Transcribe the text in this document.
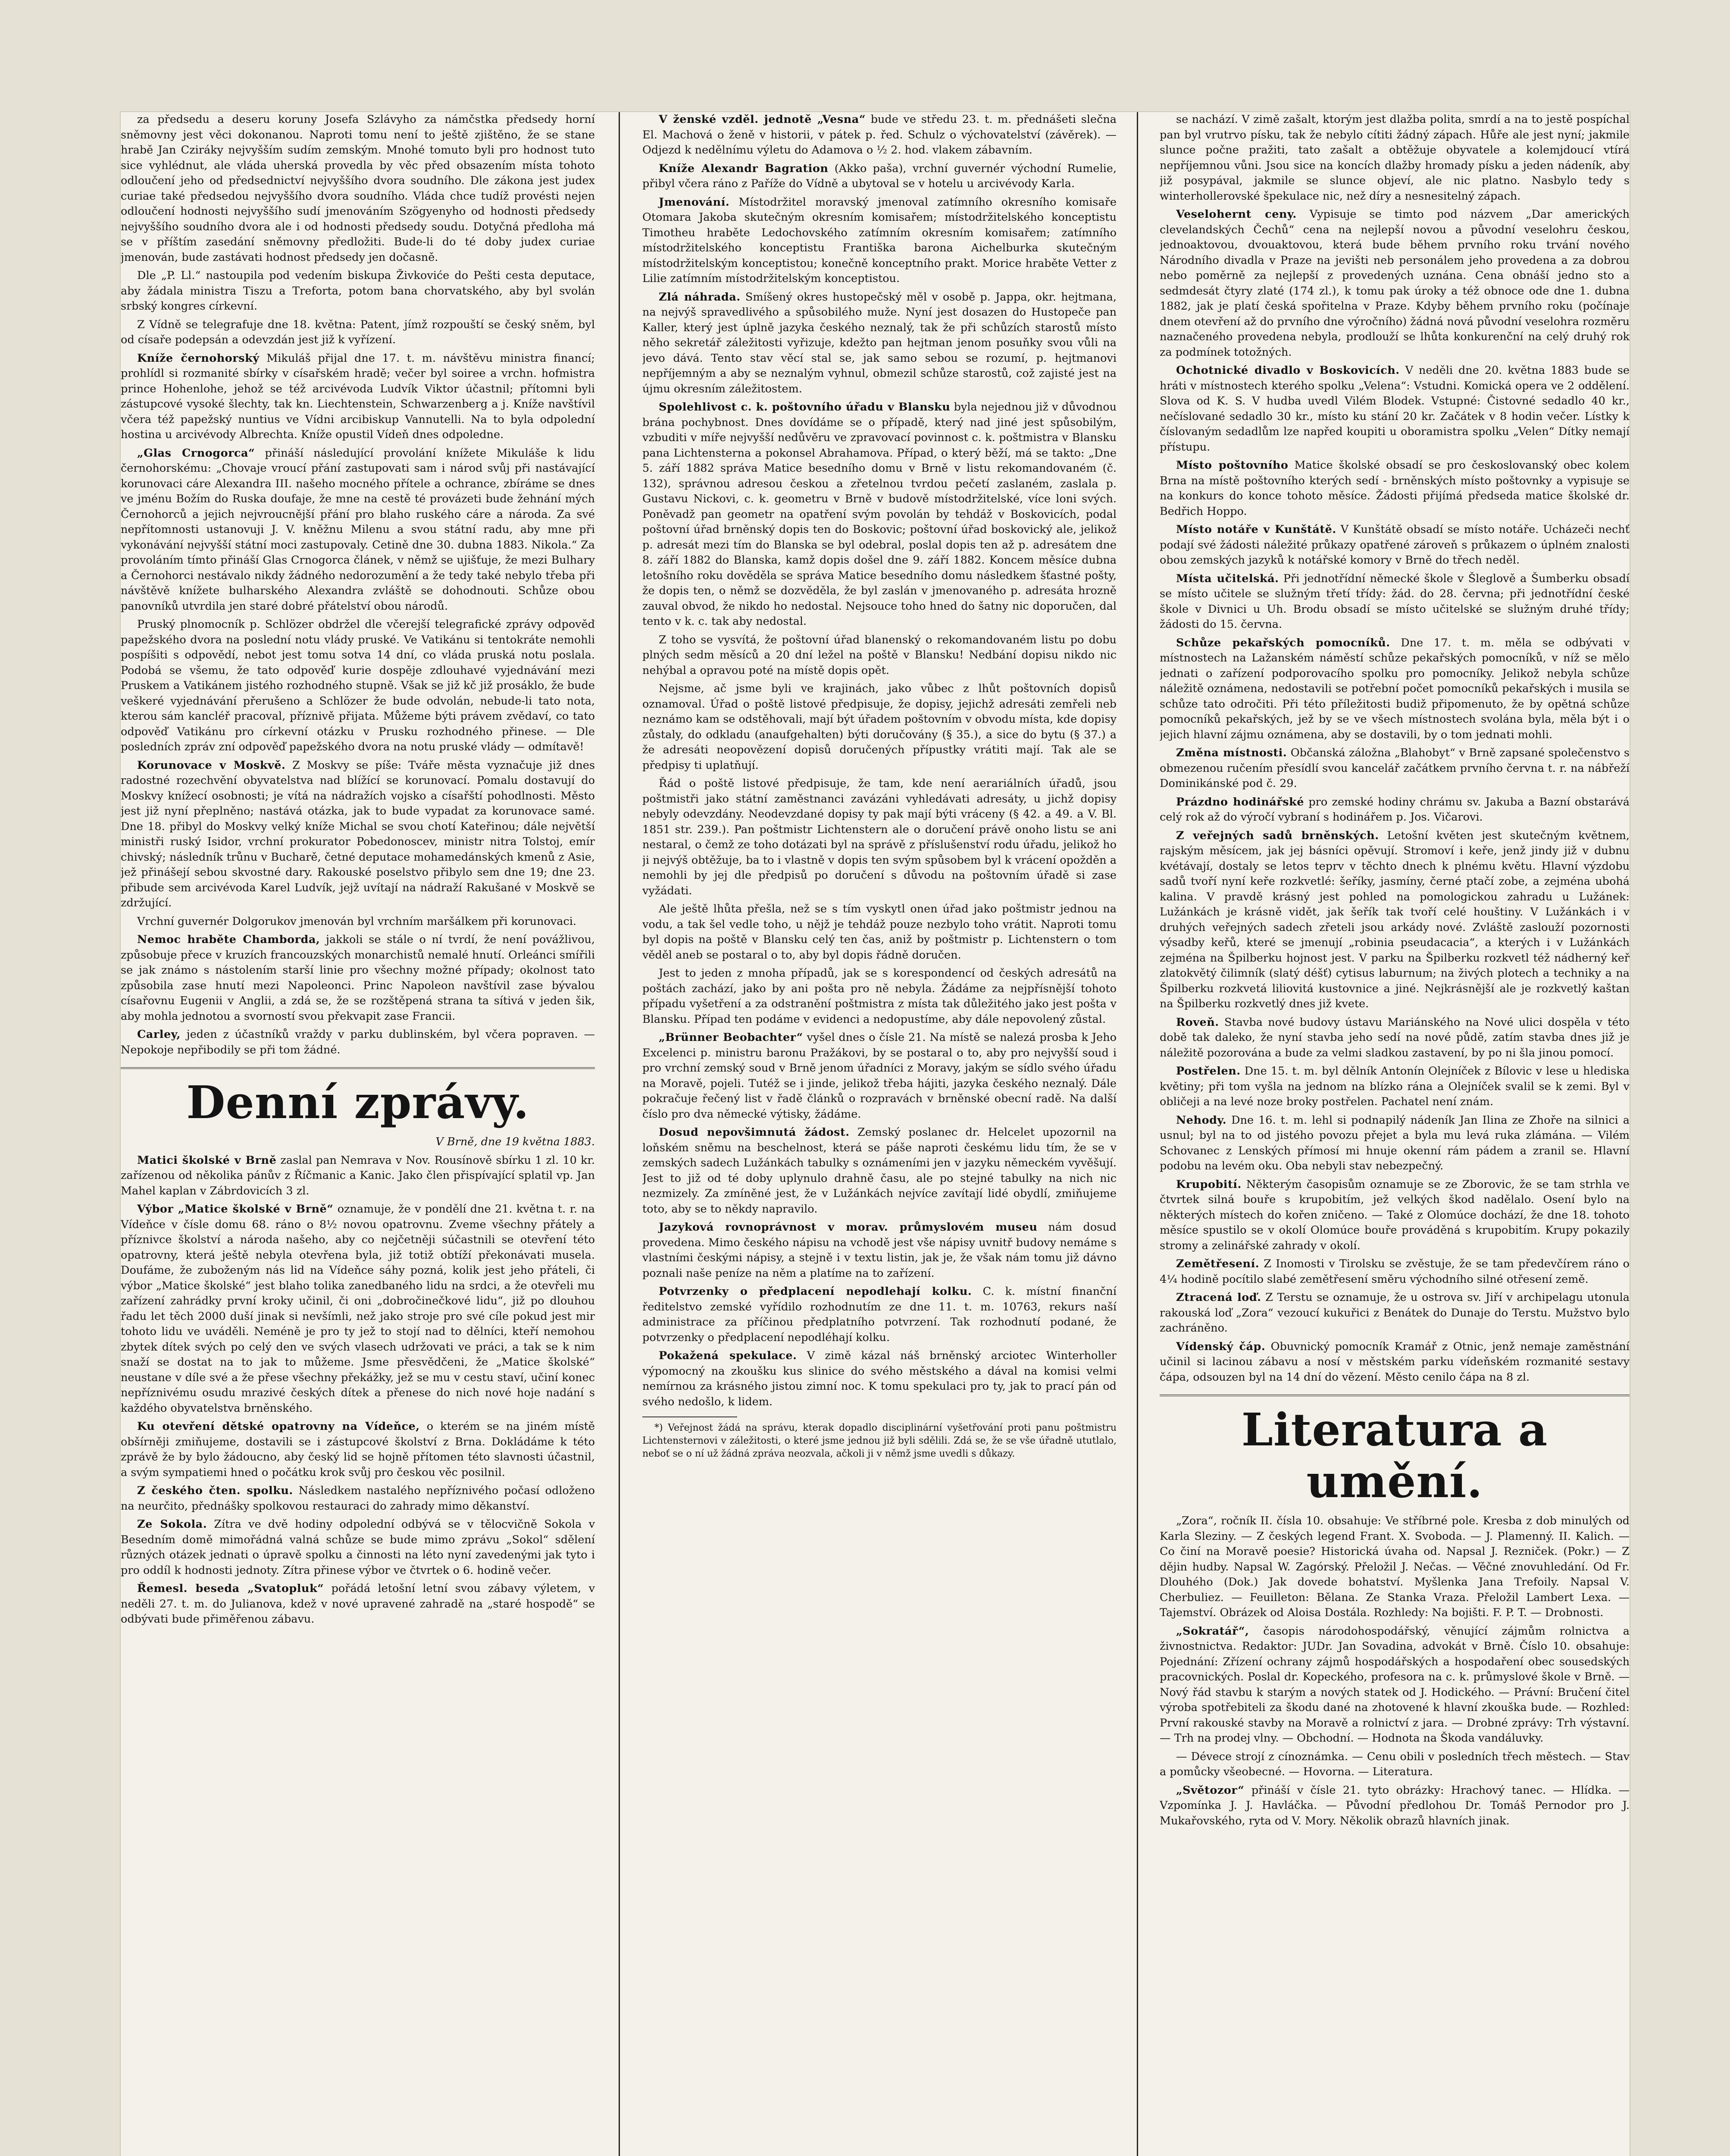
za předsedu a deseru koruny Josefa Szlávyho za námčstka předsedy horní sněmovny jest věci dokonanou. Naproti tomu není to ještě zjištěno, že se stane hrabě Jan Cziráky nejvyšším sudím zemským. Mnohé tomuto byli pro hodnost tuto sice vyhlédnut, ale vláda uherská provedla by věc před obsazením místa tohoto odloučení jeho od předsednictví nejvyššího dvora soudního. Dle zákona jest judex curiae také předsedou nejvyššího dvora soudního. Vláda chce tudíž provésti nejen odloučení hodnosti nejvyššího sudí jmenováním Szögyenyho od hodnosti předsedy nejvyššího soudního dvora ale i od hodnosti předsedy soudu. Dotyčná předloha má se v příštím zasedání sněmovny předložiti. Bude-li do té doby judex curiae jmenován, bude zastávati hodnost předsedy jen dočasně.

Dle „P. Ll.“ nastoupila pod vedením biskupa Živkoviće do Pešti cesta deputace, aby žádala ministra Tiszu a Treforta, potom bana chorvatského, aby byl svolán srbský kongres církevní.

Z Vídně se telegrafuje dne 18. května: Patent, jímž rozpouští se český sněm, byl od císaře podepsán a odevzdán jest již k vyřízení.

Kníže černohorský Mikuláš přijal dne 17. t. m. návštěvu ministra financí; prohlídl si rozmanité sbírky v císařském hradě; večer byl soiree a vrchn. hofmistra prince Hohenlohe, jehož se též arcivévoda Ludvík Viktor účastnil; přítomni byli zástupcové vysoké šlechty, tak kn. Liechtenstein, Schwarzenberg a j. Kníže navštívil včera též papežský nuntius ve Vídni arcibiskup Vannutelli. Na to byla odpolední hostina u arcivévody Albrechta. Kníže opustil Vídeň dnes odpoledne.

„Glas Crnogorca“ přináší následující provolání knížete Mikuláše k lidu černohorskému: „Chovaje vroucí přání zastupovati sam i národ svůj při nastávající korunovaci cáre Alexandra III. našeho mocného přítele a ochrance, zbíráme se dnes ve jménu Božím do Ruska doufaje, že mne na cestě té provázeti bude žehnání mých Černohorců a jejich nejvroucnější přání pro blaho ruského cáre a národa. Za své nepřítomnosti ustanovuji J. V. kněžnu Milenu a svou státní radu, aby mne při vykonávání nejvyšší státní moci zastupovaly. Cetině dne 30. dubna 1883. Nikola.“ Za provoláním tímto přináší Glas Crnogorca článek, v němž se ujišťuje, že mezi Bulhary a Černohorci nestávalo nikdy žádného nedorozumění a že tedy také nebylo třeba při návštěvě knížete bulharského Alexandra zvláště se dohodnouti. Schůze obou panovníků utvrdila jen staré dobré přátelství obou národů.

Pruský plnomocník p. Schlözer obdržel dle včerejší telegrafické zprávy odpověď papežského dvora na poslední notu vlády pruské. Ve Vatikánu si tentokráte nemohli pospíšiti s odpovědí, nebot jest tomu sotva 14 dní, co vláda pruská notu poslala. Podobá se všemu, že tato odpověď kurie dospěje zdlouhavé vyjednávání mezi Pruskem a Vatikánem jistého rozhodného stupně. Však se již kč již prosáklo, že bude veškeré vyjednávání přerušeno a Schlözer že bude odvolán, nebude-li tato nota, kterou sám kancléř pracoval, příznivě přijata. Můžeme býti právem zvědaví, co tato odpověď Vatikánu pro církevní otázku v Prusku rozhodného přinese. — Dle posledních zpráv zní odpověď papežského dvora na notu pruské vlády — odmítavě!

Korunovace v Moskvě. Z Moskvy se píše: Tváře města vyznačuje již dnes radostné rozechvění obyvatelstva nad blížící se korunovací. Pomalu dostavují do Moskvy knížecí osobnosti; je vítá na nádražích vojsko a císařští pohodlnosti. Město jest již nyní přeplněno; nastává otázka, jak to bude vypadat za korunovace samé. Dne 18. přibyl do Moskvy velký kníže Michal se svou chotí Kateřinou; dále největší ministři ruský Isidor, vrchní prokurator Pobedonoscev, ministr nitra Tolstoj, emír chivský; následník trůnu v Bucharě, četné deputace mohamedánských kmenů z Asie, jež přinášejí sebou skvostné dary. Rakouské poselstvo přibylo sem dne 19; dne 23. přibude sem arcivévoda Karel Ludvík, jejž uvítají na nádraží Rakušané v Moskvě se zdržující.

Vrchní guvernér Dolgorukov jmenován byl vrchním maršálkem při korunovaci.

Nemoc hraběte Chamborda, jakkoli se stále o ní tvrdí, že není povážlivou, způsobuje přece v kruzích francouzských monarchistů nemalé hnutí. Orleánci smířili se jak známo s nástolením starší linie pro všechny možné případy; okolnost tato způsobila zase hnutí mezi Napoleonci. Princ Napoleon navštívil zase bývalou císařovnu Eugenii v Anglii, a zdá se, že se rozštěpená strana ta sítivá v jeden šik, aby mohla jednotou a svorností svou překvapit zase Francii.

Carley, jeden z účastníků vraždy v parku dublinském, byl včera popraven. — Nepokoje nepřibodily se při tom žádné.

Denní zprávy.

V Brně, dne 19 května 1883.

Matici školské v Brně zaslal pan Nemrava v Nov. Rousínově sbírku 1 zl. 10 kr. zařízenou od několika pánův z Říčmanic a Kanic. Jako člen přispívající splatil vp. Jan Mahel kaplan v Zábrdovicích 3 zl.

Výbor „Matice školské v Brně“ oznamuje, že v pondělí dne 21. května t. r. na Vídeňce v čísle domu 68. ráno o 8½ novou opatrovnu. Zveme všechny přátely a příznivce školství a národa našeho, aby co nejčetněji súčastnili se otevření této opatrovny, která ještě nebyla otevřena byla, již totiž obtíží překonávati musela. Doufáme, že zuboženým nás lid na Vídeňce sáhy pozná, kolik jest jeho přáteli, či výbor „Matice školské“ jest blaho tolika zanedbaného lidu na srdci, a že otevřeli mu zařízení zahrádky první kroky učinil, či oni „dobročinečkové lidu“, již po dlouhou řadu let těch 2000 duší jinak si nevšímli, než jako stroje pro své cíle pokud jest mir tohoto lidu ve uváděli. Neméně je pro ty jež to stojí nad to dělníci, kteří nemohou zbytek dítek svých po celý den ve svých vlasech udržovati ve práci, a tak se k nim snaží se dostat na to jak to můžeme. Jsme přesvědčeni, že „Matice školské“ neustane v díle své a že přese všechny překážky, jež se mu v cestu staví, učiní konec nepříznivému osudu mrazivé českých dítek a přenese do nich nové hoje nadání s každého obyvatelstva brněnského.

Ku otevření dětské opatrovny na Vídeňce, o kterém se na jiném místě obšírněji zmiňujeme, dostavili se i zástupcové školství z Brna. Dokládáme k této zprávě že by bylo žádoucno, aby český lid se hojně přítomen této slavnosti účastnil, a svým sympatiemi hned o počátku krok svůj pro českou věc posilnil.

Z českého čten. spolku. Následkem nastalého nepříznivého počasí odloženo na neurčito, přednášky spolkovou restauraci do zahrady mimo děkanství.

Ze Sokola. Zítra ve dvě hodiny odpolední odbývá se v tělocvičně Sokola v Besedním domě mimořádná valná schůze se bude mimo zprávu „Sokol“ sdělení různých otázek jednati o úpravě spolku a činnosti na léto nyní zavedenými jak tyto i pro oddíl k hodnosti jednoty. Zítra přinese výbor ve čtvrtek o 6. hodině večer.

Řemesl. beseda „Svatopluk“ pořádá letošní letní svou zábavy výletem, v neděli 27. t. m. do Julianova, kdež v nové upravené zahradě na „staré hospodě“ se odbývati bude přiměřenou zábavu.

V ženské vzděl. jednotě „Vesna“ bude ve středu 23. t. m. přednášeti slečna El. Machová o ženě v historii, v pátek p. řed. Schulz o výchovatelství (závěrek). — Odjezd k nedělnímu výletu do Adamova o ½ 2. hod. vlakem zábavním.

Kníže Alexandr Bagration (Akko paša), vrchní guvernér východní Rumelie, přibyl včera ráno z Paříže do Vídně a ubytoval se v hotelu u arcivévody Karla.

Jmenování. Místodržitel moravský jmenoval zatímního okresního komisaře Otomara Jakoba skutečným okresním komisařem; místodržitelského konceptistu Timotheu hraběte Ledochovského zatímním okresním komisařem; zatímního místodržitelského konceptistu Františka barona Aichelburka skutečným místodržitelským konceptistou; konečně konceptního prakt. Morice hraběte Vetter z Lilie zatímním místodržitelským konceptistou.

Zlá náhrada. Smíšený okres hustopečský měl v osobě p. Jappa, okr. hejtmana, na nejvýš spravedlivého a spůsobilého muže. Nyní jest dosazen do Hustopeče pan Kaller, který jest úplně jazyka českého neznalý, tak že při schůzích starostů místo něho sekretář záležitosti vyřizuje, kdežto pan hejtman jenom posuňky svou vůli na jevo dává. Tento stav věcí stal se, jak samo sebou se rozumí, p. hejtmanovi nepříjemným a aby se neznalým vyhnul, obmezil schůze starostů, což zajisté jest na újmu okresním záležitostem.

Spolehlivost c. k. poštovního úřadu v Blansku byla nejednou již v důvodnou brána pochybnost. Dnes dovídáme se o případě, který nad jiné jest spůsobilým, vzbuditi v míře nejvyšší nedůvěru ve zpravovací povinnost c. k. poštmistra v Blansku pana Lichtensterna a pokonsel Abrahamova. Případ, o který běží, má se takto: „Dne 5. září 1882 správa Matice besedního domu v Brně v listu rekomandovaném (č. 132), správnou adresou českou a zřetelnou tvrdou pečetí zaslaném, zaslala p. Gustavu Nickovi, c. k. geometru v Brně v budově místodržitelské, více loni svých. Poněvadž pan geometr na opatření svým povolán by tehdáž v Boskovicích, podal poštovní úřad brněnský dopis ten do Boskovic; poštovní úřad boskovický ale, jelikož p. adresát mezi tím do Blanska se byl odebral, poslal dopis ten až p. adresátem dne 8. září 1882 do Blanska, kamž dopis došel dne 9. září 1882. Koncem měsíce dubna letošního roku dověděla se správa Matice besedního domu následkem šťastné pošty, že dopis ten, o němž se dozvěděla, že byl zaslán v jmenovaného p. adresáta hrozně zauval obvod, že nikdo ho nedostal. Nejsouce toho hned do šatny nic doporučen, dal tento v k. c. tak aby nedostal.

Z toho se vysvítá, že poštovní úřad blanenský o rekomandovaném listu po dobu plných sedm měsíců a 20 dní ležel na poště v Blansku! Nedbání dopisu nikdo nic nehýbal a opravou poté na místě dopis opět.

Nejsme, ač jsme byli ve krajinách, jako vůbec z lhůt poštovních dopisů oznamoval. Úřad o poště listové předpisuje, že dopisy, jejichž adresáti zemřeli neb neznámo kam se odstěhovali, mají být úřadem poštovním v obvodu místa, kde dopisy zůstaly, do odkladu (anaufgehalten) býti doručovány (§ 35.), a sice do bytu (§ 37.) a že adresáti neopovězení dopisů doručených přípustky vrátiti mají. Tak ale se předpisy ti uplatňují.

Řád o poště listové předpisuje, že tam, kde není aerariálních úřadů, jsou poštmistři jako státní zaměstnanci zavázáni vyhledávati adresáty, u jichž dopisy nebyly odevzdány. Neodevzdané dopisy ty pak mají býti vráceny (§ 42. a 49. a V. Bl. 1851 str. 239.). Pan poštmistr Lichtenstern ale o doručení právě onoho listu se ani nestaral, o čemž ze toho dotázati byl na správě z příslušenství rodu úřadu, jelikož ho ji nejvýš obtěžuje, ba to i vlastně v dopis ten svým spůsobem byl k vrácení opožděn a nemohli by jej dle předpisů po doručení s důvodu na poštovním úřadě si zase vyžádati.

Ale ještě lhůta přešla, než se s tím vyskytl onen úřad jako poštmistr jednou na vodu, a tak šel vedle toho, u nějž je tehdáž pouze nezbylo toho vrátit. Naproti tomu byl dopis na poště v Blansku celý ten čas, aniž by poštmistr p. Lichtenstern o tom věděl aneb se postaral o to, aby byl dopis řádně doručen.

Jest to jeden z mnoha případů, jak se s korespondencí od českých adresátů na poštách zachází, jako by ani pošta pro ně nebyla. Žádáme za nejpřísnější tohoto případu vyšetření a za odstranění poštmistra z místa tak důležitého jako jest pošta v Blansku. Případ ten podáme v evidenci a nedopustíme, aby dále nepovolený zůstal.

„Brünner Beobachter“ vyšel dnes o čísle 21. Na místě se nalezá prosba k Jeho Excelenci p. ministru baronu Pražákovi, by se postaral o to, aby pro nejvyšší soud i pro vrchní zemský soud v Brně jenom úřadníci z Moravy, jakým se sídlo svého úřadu na Moravě, pojeli. Tutéž se i jinde, jelikož třeba hájiti, jazyka českého neznalý. Dále pokračuje řečený list v řadě článků o rozpravách v brněnské obecní radě. Na další číslo pro dva německé výtisky, žádáme.

Dosud nepovšimnutá žádost. Zemský poslanec dr. Helcelet upozornil na loňském sněmu na beschelnost, která se páše naproti českému lidu tím, že se v zemských sadech Lužánkách tabulky s oznámeními jen v jazyku německém vyvěšují. Jest to již od té doby uplynulo drahně času, ale po stejné tabulky na nich nic nezmizely. Za zmíněné jest, že v Lužánkách nejvíce zavítají lidé obydlí, zmiňujeme toto, aby se to někdy napravilo.

Jazyková rovnoprávnost v morav. průmyslovém museu nám dosud provedena. Mimo českého nápisu na vchodě jest vše nápisy uvnitř budovy nemáme s vlastními českými nápisy, a stejně i v textu listin, jak je, že však nám tomu již dávno poznali naše peníze na něm a platíme na to zařízení.

Potvrzenky o předplacení nepodlehají kolku. C. k. místní finanční ředitelstvo zemské vyřídilo rozhodnutím ze dne 11. t. m. 10763, rekurs naší administrace za příčinou předplatního potvrzení. Tak rozhodnutí podané, že potvrzenky o předplacení nepodléhají kolku.

Pokažená spekulace. V zimě kázal náš brněnský arciotec Winterholler výpomocný na zkoušku kus slinice do svého městského a dával na komisi velmi nemírnou za krásného jistou zimní noc. K tomu spekulaci pro ty, jak to prací pán od svého nedošlo, k lidem.

*) Veřejnost žádá na správu, kterak dopadlo disciplinární vyšetřování proti panu poštmistru Lichtensternovi v záležitosti, o které jsme jednou již byli sdělili. Zdá se, že se vše úřadně ututlalo, neboť se o ní už žádná zpráva neozvala, ačkoli ji v němž jsme uvedli s důkazy.

se nachází. V zimě zašalt, ktorým jest dlažba polita, smrdí a na to jestě pospíchal pan byl vrutrvo písku, tak že nebylo cítiti žádný zápach. Hůře ale jest nyní; jakmile slunce počne pražiti, tato zašalt a obtěžuje obyvatele a kolemjdoucí vtírá nepříjemnou vůni. Jsou sice na koncích dlažby hromady písku a jeden nádeník, aby již posypával, jakmile se slunce objeví, ale nic platno. Nasbylo tedy s winterhollerovské špekulace nic, než díry a nesnesitelný zápach.

Veselohernt ceny. Vypisuje se timto pod názvem „Dar amerických clevelandských Čechů“ cena na nejlepší novou a původní veselohru českou, jednoaktovou, dvouaktovou, která bude během prvního roku trvání nového Národního divadla v Praze na jevišti neb personálem jeho provedena a za dobrou nebo poměrně za nejlepší z provedených uznána. Cena obnáší jedno sto a sedmdesát čtyry zlaté (174 zl.), k tomu pak úroky a též obnoce ode dne 1. dubna 1882, jak je platí česká spořitelna v Praze. Kdyby během prvního roku (počínaje dnem otevření až do prvního dne výročního) žádná nová původní veselohra rozměru naznačeného provedena nebyla, prodlouží se lhůta konkurenční na celý druhý rok za podmínek totožných.

Ochotnické divadlo v Boskovicích. V neděli dne 20. května 1883 bude se hráti v místnostech kterého spolku „Velena“: Vstudni. Komická opera ve 2 oddělení. Slova od K. S. V hudba uvedl Vilém Blodek. Vstupné: Čistovné sedadlo 40 kr., nečíslované sedadlo 30 kr., místo ku stání 20 kr. Začátek v 8 hodin večer. Lístky k číslovaným sedadlům lze napřed koupiti u oboramistra spolku „Velen“ Dítky nemají přístupu.

Místo poštovního Matice školské obsadí se pro českoslovanský obec kolem Brna na místě poštovního kterých sedí - brněnských místo poštovnky a vypisuje se na konkurs do konce tohoto měsíce. Žádosti přijímá předseda matice školské dr. Bedřich Hoppo.

Místo notáře v Kunštátě. V Kunštátě obsadí se místo notáře. Ucházeči nechť podají své žádosti náležité průkazy opatřené zároveň s průkazem o úplném znalosti obou zemských jazyků k notářské komory v Brně do třech neděl.

Místa učitelská. Při jednotřídní německé škole v Šleglově a Šumberku obsadí se místo učitele se služným třetí třídy: žád. do 28. června; při jednotřídní české škole v Divnici u Uh. Brodu obsadí se místo učitelské se služným druhé třídy; žádosti do 15. června.

Schůze pekařských pomocníků. Dne 17. t. m. měla se odbývati v místnostech na Lažanském náměstí schůze pekařských pomocníků, v níž se mělo jednati o zařízení podporovacího spolku pro pomocníky. Jelikož nebyla schůze náležitě oznámena, nedostavili se potřební počet pomocníků pekařských i musila se schůze tato odročiti. Při této příležitosti budiž připomenuto, že by opětná schůze pomocníků pekařských, jež by se ve všech místnostech svolána byla, měla být i o jejich hlavní zájmu oznámena, aby se dostavili, by o tom jednati mohli.

Změna místnosti. Občanská záložna „Blahobyt“ v Brně zapsané společenstvo s obmezenou ručením přesídlí svou kancelář začátkem prvního června t. r. na nábřeží Dominikánské pod č. 29.

Prázdno hodinářské pro zemské hodiny chrámu sv. Jakuba a Bazní obstarává celý rok až do výročí vybraní s hodinářem p. Jos. Vičarovi.

Z veřejných sadů brněnských. Letošní květen jest skutečným květnem, rajským měsícem, jak jej básníci opěvují. Stromoví i keře, jenž jindy již v dubnu kvétávají, dostaly se letos teprv v těchto dnech k plnému květu. Hlavní výzdobu sadů tvoří nyní keře rozkvetlé: šeříky, jasmíny, černé ptačí zobe, a zejména ubohá kalina. V pravdě krásný jest pohled na pomologickou zahradu u Lužánek: Lužánkách je krásně vidět, jak šeřík tak tvoří celé houštiny. V Lužánkách i v druhých veřejných sadech zřeteli jsou arkády nové. Zvláště zaslouží pozornosti výsadby keřů, které se jmenují „robinia pseudacacia“, a kterých i v Lužánkách zejména na Špilberku hojnost jest. V parku na Špilberku rozkvetl též nádherný keř zlatokvětý čilimník (slatý déšť) cytisus laburnum; na živých plotech a techniky a na Špilberku rozkvetá liliovitá kustovnice a jiné. Nejkrásnější ale je rozkvetlý kaštan na Špilberku rozkvetlý dnes již kvete.

Roveň. Stavba nové budovy ústavu Mariánského na Nové ulici dospěla v této době tak daleko, že nyní stavba jeho sedí na nové půdě, zatím stavba dnes již je náležitě pozorována a bude za velmi sladkou zastavení, by po ni šla jinou pomocí.

Postřelen. Dne 15. t. m. byl dělník Antonín Olejníček z Bílovic v lese u hlediska květiny; při tom vyšla na jednom na blízko rána a Olejníček svalil se k zemi. Byl v obličeji a na levé noze broky postřelen. Pachatel není znám.

Nehody. Dne 16. t. m. lehl si podnapilý nádeník Jan Ilina ze Zhoře na silnici a usnul; byl na to od jistého povozu přejet a byla mu levá ruka zlámána. — Vilém Schovanec z Lenských přímosí mi hnuje okenní rám pádem a zranil se. Hlavní podobu na levém oku. Oba nebyli stav nebezpečný.

Krupobití. Některým časopisům oznamuje se ze Zborovic, že se tam strhla ve čtvrtek silná bouře s krupobitím, jež velkých škod nadělalo. Osení bylo na některých místech do kořen zničeno. — Také z Olomúce dochází, že dne 18. tohoto měsíce spustilo se v okolí Olomúce bouře prováděná s krupobitím. Krupy pokazily stromy a zelinářské zahrady v okolí.

Zemětřesení. Z Inomosti v Tirolsku se zvěstuje, že se tam předevčírem ráno o 4¼ hodině pocítilo slabé zemětřesení směru východního silné otřesení země.

Ztracená loď. Z Terstu se oznamuje, že u ostrova sv. Jiří v archipelagu utonula rakouská loď „Zora“ vezoucí kukuřici z Benátek do Dunaje do Terstu. Mužstvo bylo zachráněno.

Vídenský čáp. Obuvnický pomocník Kramář z Otnic, jenž nemaje zaměstnání učinil si lacinou zábavu a nosí v městském parku vídeňském rozmanité sestavy čápa, odsouzen byl na 14 dní do vězení. Město cenilo čápa na 8 zl.

Literatura a umění.

„Zora“, ročník II. čísla 10. obsahuje: Ve stříbrné pole. Kresba z dob minulých od Karla Sleziny. — Z českých legend Frant. X. Svoboda. — J. Plamenný. II. Kalich. — Co činí na Moravě poesie? Historická úvaha od. Napsal J. Rezniček. (Pokr.) — Z dějin hudby. Napsal W. Zagórský. Přeložil J. Nečas. — Věčné znovuhledání. Od Fr. Dlouhého (Dok.) Jak dovede bohatství. Myšlenka Jana Trefoily. Napsal V. Cherbuliez. — Feuilleton: Bělana. Ze Stanka Vraza. Přeložil Lambert Lexa. — Tajemství. Obrázek od Aloisa Dostála. Rozhledy: Na bojišti. F. P. T. — Drobnosti.

„Sokratář“, časopis národohospodářský, věnující zájmům rolnictva a živnostnictva. Redaktor: JUDr. Jan Sovadina, advokát v Brně. Číslo 10. obsahuje: Pojednání: Zřízení ochrany zájmů hospodářských a hospodaření obec sousedských pracovnických. Poslal dr. Kopeckého, profesora na c. k. průmyslové škole v Brně. — Nový řád stavbu k starým a nových statek od J. Hodického. — Právní: Bručení čitel výroba spotřebiteli za škodu dané na zhotovené k hlavní zkouška bude. — Rozhled: První rakouské stavby na Moravě a rolnictví z jara. — Drobné zprávy: Trh výstavní. — Trh na prodej vlny. — Obchodní. — Hodnota na Škoda vandáluvky.

— Dévece strojí z cínoznámka. — Cenu obili v posledních třech městech. — Stav a pomůcky všeobecné. — Hovorna. — Literatura.

„Světozor“ přináší v čísle 21. tyto obrázky: Hrachový tanec. — Hlídka. — Vzpomínka J. J. Havláčka. — Původní předlohou Dr. Tomáš Pernodor pro J. Mukařovského, ryta od V. Mory. Několik obrazů hlavních jinak.
